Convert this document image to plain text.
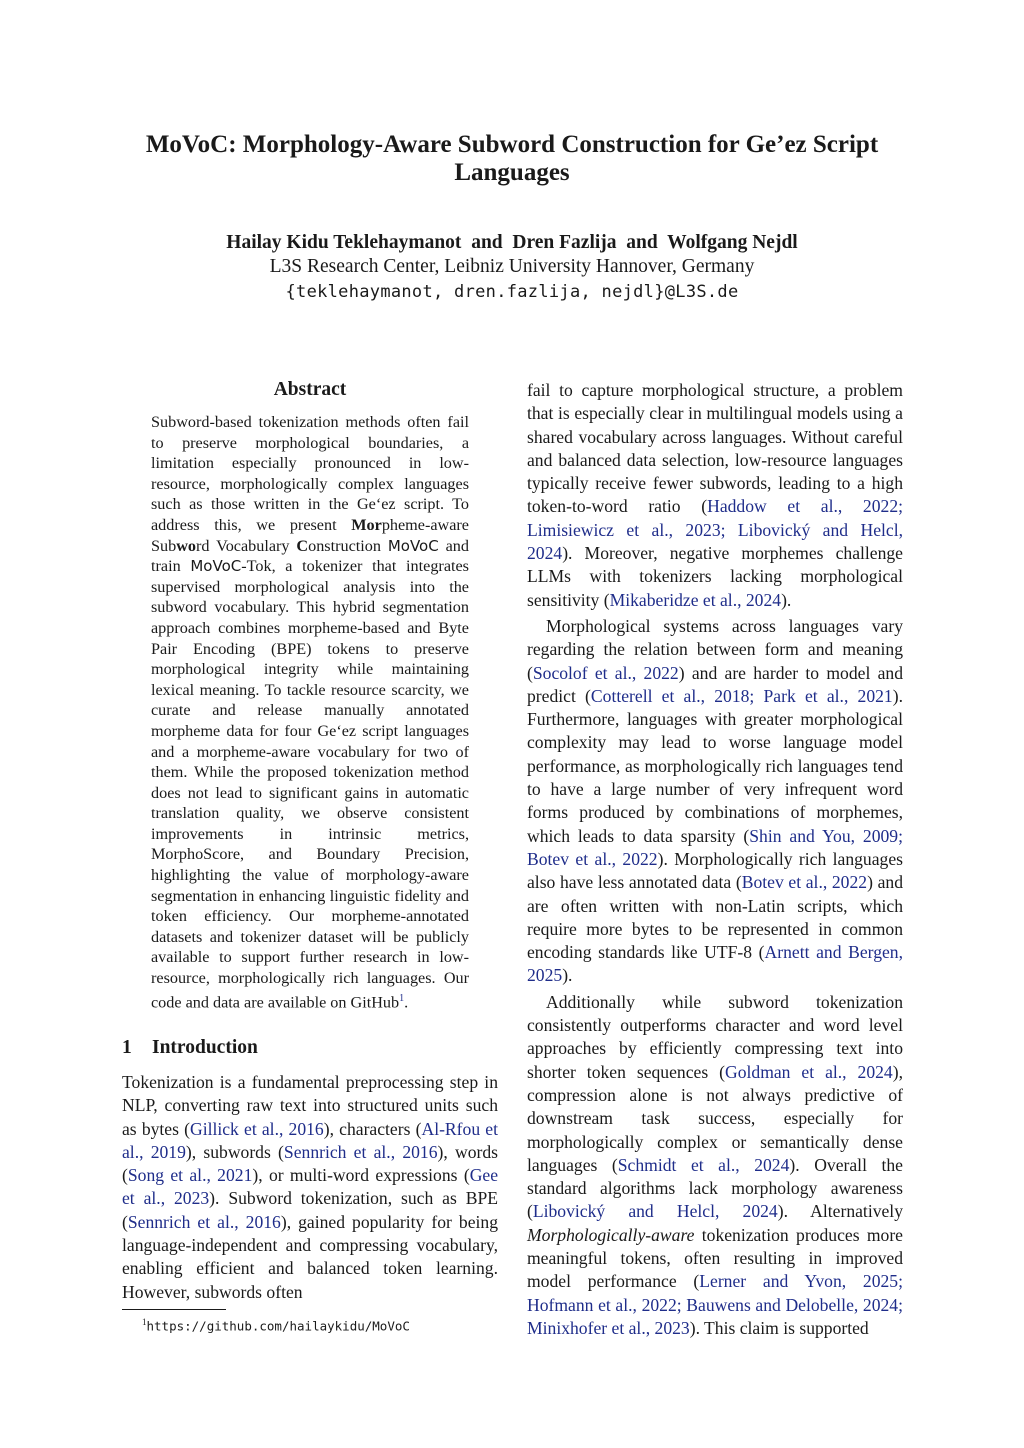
MoVoC: Morphology-Aware Subword Construction for Ge’ez Script Languages
Hailay Kidu Teklehaymanot and Dren Fazlija and Wolfgang Nejdl
L3S Research Center, Leibniz University Hannover, Germany
{teklehaymanot, dren.fazlija, nejdl}@L3S.de
Abstract

Subword-based tokenization methods often fail to preserve morphological boundaries, a limitation especially pronounced in low-resource, morphologically complex languages such as those written in the Ge‘ez script. To address this, we present Morpheme-aware Subword Vocabulary Construction MoVoC and train MoVoC-Tok, a tokenizer that integrates supervised morphological analysis into the subword vocabulary. This hybrid segmentation approach combines morpheme-based and Byte Pair Encoding (BPE) tokens to preserve morphological integrity while maintaining lexical meaning. To tackle resource scarcity, we curate and release manually annotated morpheme data for four Ge‘ez script languages and a morpheme-aware vocabulary for two of them. While the proposed tokenization method does not lead to significant gains in automatic translation quality, we observe consistent improvements in intrinsic metrics, MorphoScore, and Boundary Precision, highlighting the value of morphology-aware segmentation in enhancing linguistic fidelity and token efficiency. Our morpheme-annotated datasets and tokenizer dataset will be publicly available to support further research in low-resource, morphologically rich languages. Our code and data are available on GitHub$^1$.

1 Introduction

Tokenization is a fundamental preprocessing step in NLP, converting raw text into structured units such as bytes (Gillick et al., 2016), characters (Al-Rfou et al., 2019), subwords (Sennrich et al., 2016), words (Song et al., 2021), or multi-word expressions (Gee et al., 2023). Subword tokenization, such as BPE (Sennrich et al., 2016), gained popularity for being language-independent and compressing vocabulary, enabling efficient and balanced token learning. However, subwords often

fail to capture morphological structure, a problem that is especially clear in multilingual models using a shared vocabulary across languages. Without careful and balanced data selection, low-resource languages typically receive fewer subwords, leading to a high token-to-word ratio (Haddow et al., 2022; Limisiewicz et al., 2023; Libovický and Helcl, 2024). Moreover, negative morphemes challenge LLMs with tokenizers lacking morphological sensitivity (Mikaberidze et al., 2024).

Morphological systems across languages vary regarding the relation between form and meaning (Socolof et al., 2022) and are harder to model and predict (Cotterell et al., 2018; Park et al., 2021). Furthermore, languages with greater morphological complexity may lead to worse language model performance, as morphologically rich languages tend to have a large number of very infrequent word forms produced by combinations of morphemes, which leads to data sparsity (Shin and You, 2009; Botev et al., 2022). Morphologically rich languages also have less annotated data (Botev et al., 2022) and are often written with non-Latin scripts, which require more bytes to be represented in common encoding standards like UTF-8 (Arnett and Bergen, 2025).

Additionally while subword tokenization consistently outperforms character and word level approaches by efficiently compressing text into shorter token sequences (Goldman et al., 2024), compression alone is not always predictive of downstream task success, especially for morphologically complex or semantically dense languages (Schmidt et al., 2024). Overall the standard algorithms lack morphology awareness (Libovický and Helcl, 2024). Alternatively Morphologically-aware tokenization produces more meaningful tokens, often resulting in improved model performance (Lerner and Yvon, 2025; Hofmann et al., 2022; Bauwens and Delobelle, 2024; Minixhofer et al., 2023). This claim is supported

$^1$https://github.com/hailaykidu/MoVoC
